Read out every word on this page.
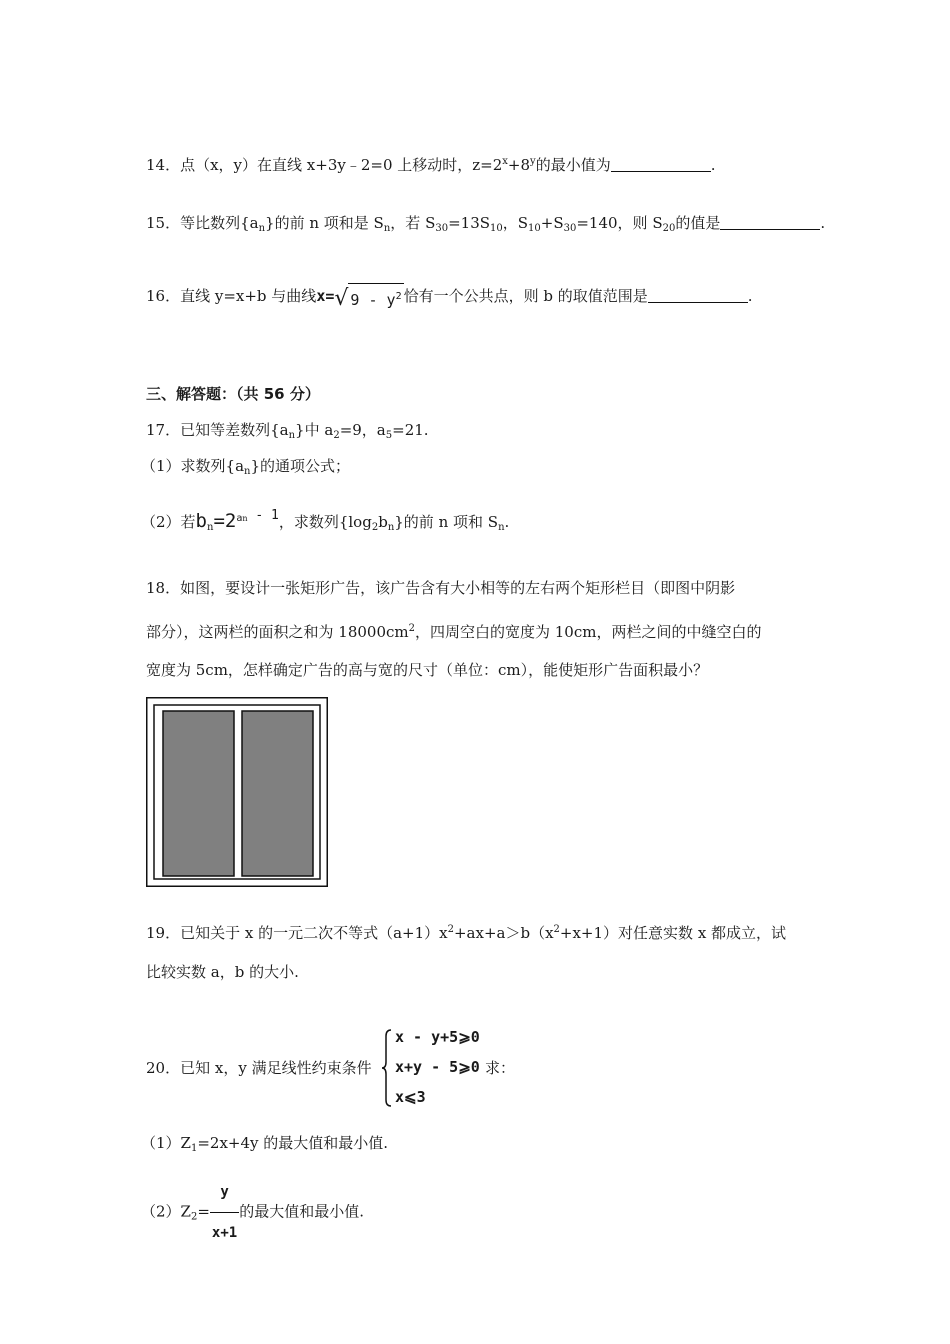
14．点（x，y）在直线 x+3y﹣2=0 上移动时，$z=2^x+8^y$的最小值为	.
15．等比数列$\{a_n\}$的前 n 项和是 $S_n$，若 $S_{30}=13S_{10}$，$S_{10}+S_{30}=140$，则 $S_{20}$的值是	.
16．直线 y=x+b 与曲线x=√ $9 - y^2$ 恰有一个公共点，则 b 的取值范围是	.
三、解答题：（共 56 分）
17．已知等差数列$\{a_n\}$中 $a_2=9$，$a_5=21$.
（1）求数列$\{a_n\}$的通项公式；
（2）若$b_n=2^{an} - 1$，求数列$\{\log_2b_n\}$的前 n 项和 $S_n$.
18．如图，要设计一张矩形广告，该广告含有大小相等的左右两个矩形栏目（即图中阴影
部分），这两栏的面积之和为 $18000cm^2$，四周空白的宽度为 10cm，两栏之间的中缝空白的
宽度为 5cm，怎样确定广告的高与宽的尺寸（单位：cm），能使矩形广告面积最小？
19．已知关于 x 的一元二次不等式$(a+1)x^2+ax+a>b(x^2+x+1)$对任意实数 x 都成立，试
比较实数 a，b 的大小.
20．已知 x，y 满足线性约束条件
x - y+5⩾0
x+y - 5⩾0
x⩽3
求：
$(1)Z_1=2x+4y$ 的最大值和最小值.
$(2)Z_2= \frac{y}{x+1}$ 的最大值和最小值.
